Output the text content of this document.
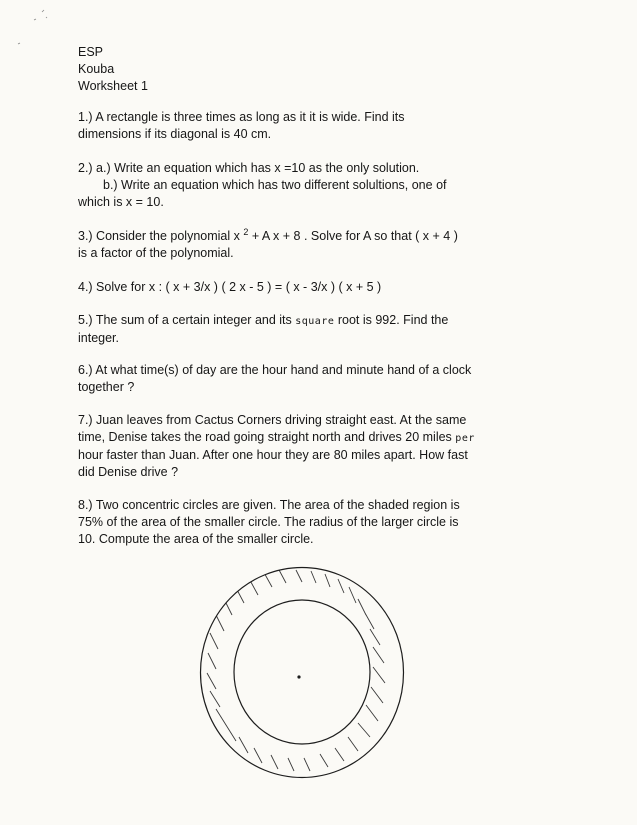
ESP
Kouba
Worksheet 1
1.) A rectangle is three times as long as it it is wide. Find its
dimensions if its diagonal is 40 cm.
2.) a.) Write an equation which has x =10 as the only solution.
b.) Write an equation which has two different solultions, one of
which is x = 10.
3.) Consider the polynomial x $^2$ + A x + 8 . Solve for A so that ( x + 4 )
is a factor of the polynomial.
4.) Solve for x : ( x + 3/x ) ( 2 x - 5 ) = ( x - 3/x ) ( x + 5 )
5.) The sum of a certain integer and its square root is 992. Find the
integer.
6.) At what time(s) of day are the hour hand and minute hand of a clock
together ?
7.) Juan leaves from Cactus Corners driving straight east. At the same
time, Denise takes the road going straight north and drives 20 miles per
hour faster than Juan. After one hour they are 80 miles apart. How fast
did Denise drive ?
8.) Two concentric circles are given. The area of the shaded region is
75% of the area of the smaller circle. The radius of the larger circle is
10. Compute the area of the smaller circle.
